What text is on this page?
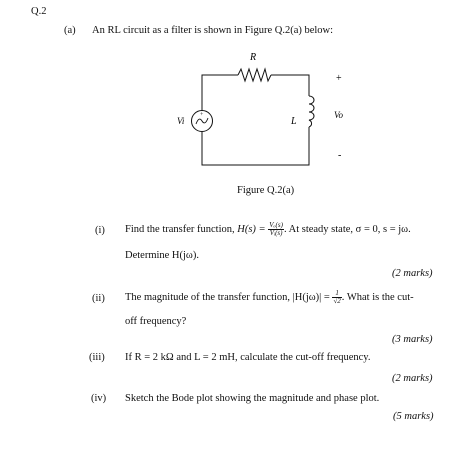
Q.2
(a) An RL circuit as a filter is shown in Figure Q.2(a) below:
+
R
L
Vi
Vo
+
-
Figure Q.2(a)
(i) Find the transfer function, $H(s) = \frac{\text{Vₒ(s)}}{\text{Vᵢ(s)}}$ . At steady state, σ = 0, s = jω.
Determine H(jω).
(2 marks)
(ii) The magnitude of the transfer function, $|H(j\omega)| = \frac{1}{√2}$ . What is the cut-
off frequency?
(3 marks)
(iii) If R = 2 kΩ and L = 2 mH, calculate the cut-off frequency.
(2 marks)
(iv) Sketch the Bode plot showing the magnitude and phase plot.
(5 marks)
